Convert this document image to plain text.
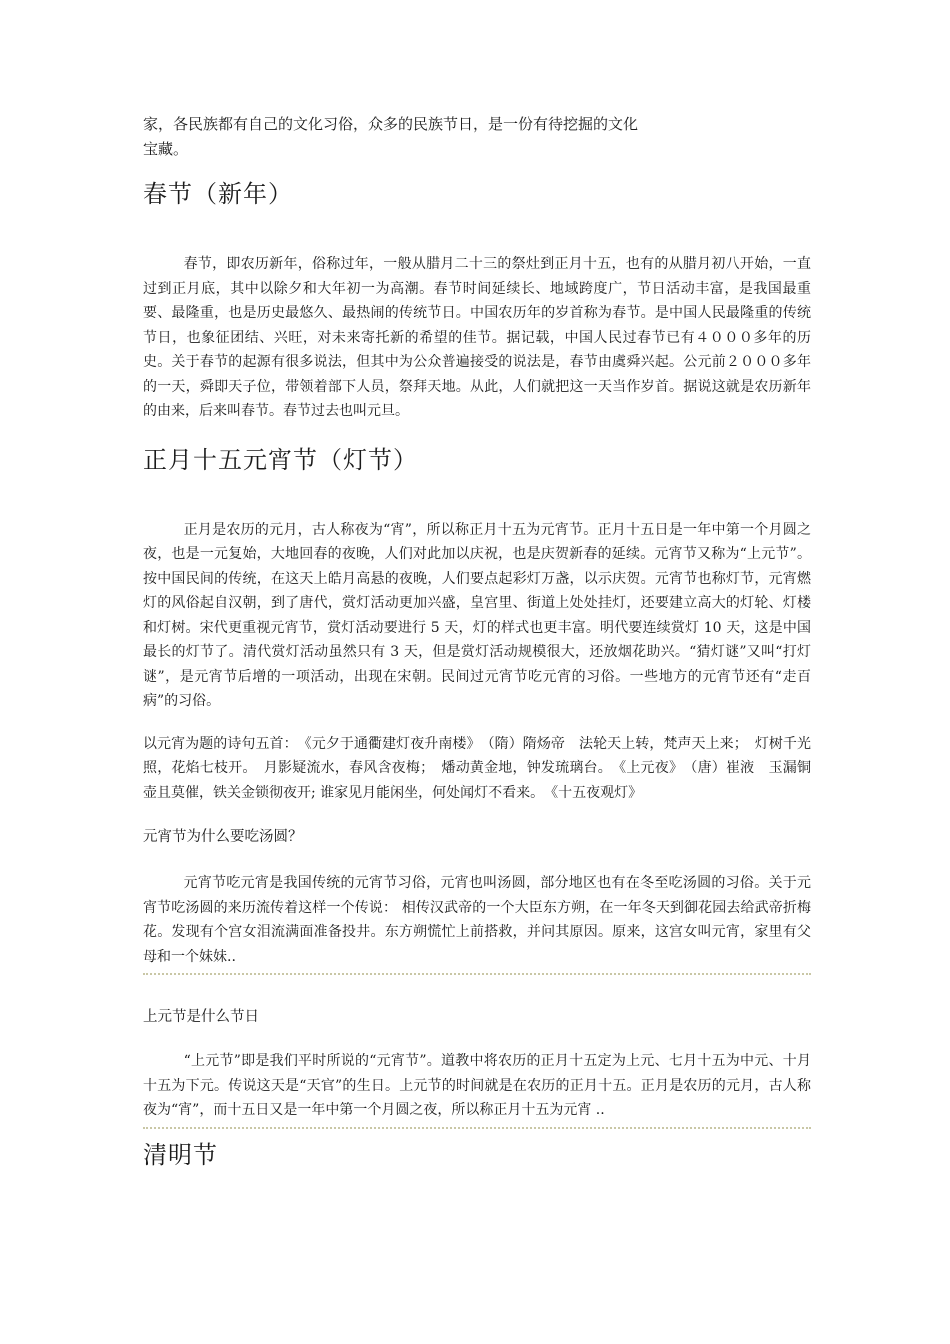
家，各民族都有自己的文化习俗，众多的民族节日，是一份有待挖掘的文化

宝藏。

春节（新年）

春节，即农历新年，俗称过年，一般从腊月二十三的祭灶到正月十五，也有的从腊月初八开始，一直过到正月底，其中以除夕和大年初一为高潮。春节时间延续长、地域跨度广，节日活动丰富，是我国最重要、最隆重，也是历史最悠久、最热闹的传统节日。中国农历年的岁首称为春节。是中国人民最隆重的传统节日，也象征团结、兴旺，对未来寄托新的希望的佳节。据记载，中国人民过春节已有４０００多年的历史。关于春节的起源有很多说法，但其中为公众普遍接受的说法是，春节由虞舜兴起。公元前２０００多年的一天，舜即天子位，带领着部下人员，祭拜天地。从此，人们就把这一天当作岁首。据说这就是农历新年的由来，后来叫春节。春节过去也叫元旦。

正月十五元宵节（灯节）

正月是农历的元月，古人称夜为“宵”，所以称正月十五为元宵节。正月十五日是一年中第一个月圆之夜，也是一元复始，大地回春的夜晚，人们对此加以庆祝，也是庆贺新春的延续。元宵节又称为“上元节”。按中国民间的传统，在这天上皓月高悬的夜晚，人们要点起彩灯万盏，以示庆贺。元宵节也称灯节，元宵燃灯的风俗起自汉朝，到了唐代，赏灯活动更加兴盛，皇宫里、街道上处处挂灯，还要建立高大的灯轮、灯楼和灯树。宋代更重视元宵节，赏灯活动要进行 5 天，灯的样式也更丰富。明代要连续赏灯 10 天，这是中国最长的灯节了。清代赏灯活动虽然只有 3 天，但是赏灯活动规模很大，还放烟花助兴。“猜灯谜”又叫“打灯谜”，是元宵节后增的一项活动，出现在宋朝。民间过元宵节吃元宵的习俗。一些地方的元宵节还有“走百病”的习俗。

以元宵为题的诗句五首：　《元夕于通衢建灯夜升南楼》　（隋）隋炀帝　法轮天上转，梵声天上来；　灯树千光照，花焰七枝开。　月影疑流水，春风含夜梅；　燔动黄金地，钟发琉璃台。　《上元夜》　（唐）崔液　玉漏铜壶且莫催，铁关金锁彻夜开; 谁家见月能闲坐，何处闻灯不看来。　《十五夜观灯》

元宵节为什么要吃汤圆？

元宵节吃元宵是我国传统的元宵节习俗，元宵也叫汤圆，部分地区也有在冬至吃汤圆的习俗。关于元宵节吃汤圆的来历流传着这样一个传说： 相传汉武帝的一个大臣东方朔，在一年冬天到御花园去给武帝折梅花。发现有个宫女泪流满面准备投井。东方朔慌忙上前搭救，并问其原因。原来，这宫女叫元宵，家里有父母和一个妹妹..

上元节是什么节日

“上元节”即是我们平时所说的“元宵节”。道教中将农历的正月十五定为上元、七月十五为中元、十月十五为下元。传说这天是“天官”的生日。上元节的时间就是在农历的正月十五。正月是农历的元月，古人称夜为“宵”，而十五日又是一年中第一个月圆之夜，所以称正月十五为元宵 ..

清明节
